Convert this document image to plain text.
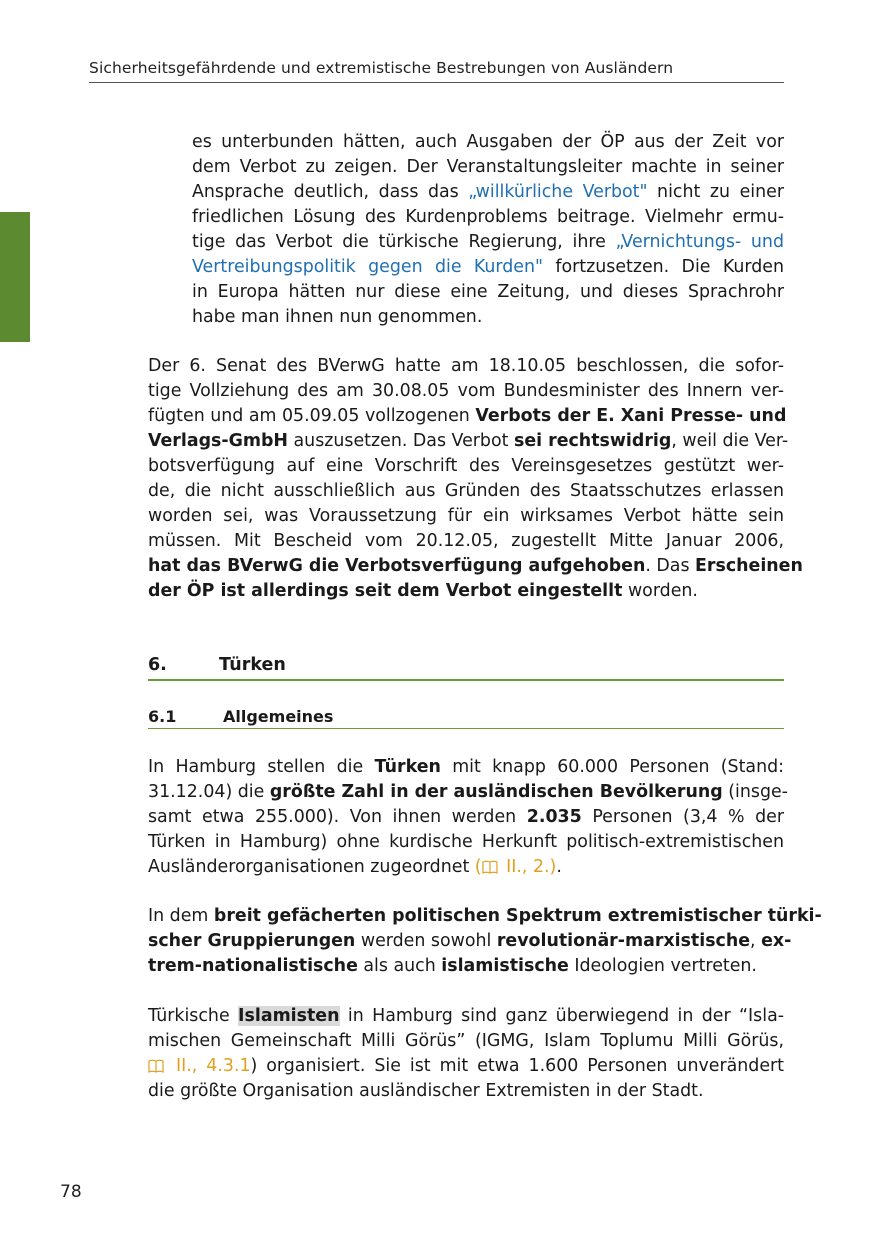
Sicherheitsgefährdende und extremistische Bestrebungen von Ausländern
es unterbunden hätten, auch Ausgaben der ÖP aus der Zeit vor
dem Verbot zu zeigen. Der Veranstaltungsleiter machte in seiner
Ansprache deutlich, dass das „willkürliche Verbot" nicht zu einer
friedlichen Lösung des Kurdenproblems beitrage. Vielmehr ermu-
tige das Verbot die türkische Regierung, ihre „Vernichtungs- und
Vertreibungspolitik gegen die Kurden" fortzusetzen. Die Kurden
in Europa hätten nur diese eine Zeitung, und dieses Sprachrohr
habe man ihnen nun genommen.
Der 6. Senat des BVerwG hatte am 18.10.05 beschlossen, die sofor-
tige Vollziehung des am 30.08.05 vom Bundesminister des Innern ver-
fügten und am 05.09.05 vollzogenen Verbots der E. Xani Presse- und
Verlags-GmbH auszusetzen. Das Verbot sei rechtswidrig, weil die Ver-
botsverfügung auf eine Vorschrift des Vereinsgesetzes gestützt wer-
de, die nicht ausschließlich aus Gründen des Staatsschutzes erlassen
worden sei, was Voraussetzung für ein wirksames Verbot hätte sein
müssen. Mit Bescheid vom 20.12.05, zugestellt Mitte Januar 2006,
hat das BVerwG die Verbotsverfügung aufgehoben. Das Erscheinen
der ÖP ist allerdings seit dem Verbot eingestellt worden.
6.	Türken
6.1	Allgemeines
In Hamburg stellen die Türken mit knapp 60.000 Personen (Stand:
31.12.04) die größte Zahl in der ausländischen Bevölkerung (insge-
samt etwa 255.000). Von ihnen werden 2.035 Personen (3,4 % der
Türken in Hamburg) ohne kurdische Herkunft politisch-extremistischen
Ausländerorganisationen zugeordnet ( II., 2.).
In dem breit gefächerten politischen Spektrum extremistischer türki-
scher Gruppierungen werden sowohl revolutionär-marxistische, ex-
trem-nationalistische als auch islamistische Ideologien vertreten.
Türkische Islamisten in Hamburg sind ganz überwiegend in der “Isla-
mischen Gemeinschaft Milli Görüs” (IGMG, Islam Toplumu Milli Görüs,
II., 4.3.1) organisiert. Sie ist mit etwa 1.600 Personen unverändert
die größte Organisation ausländischer Extremisten in der Stadt.
78
